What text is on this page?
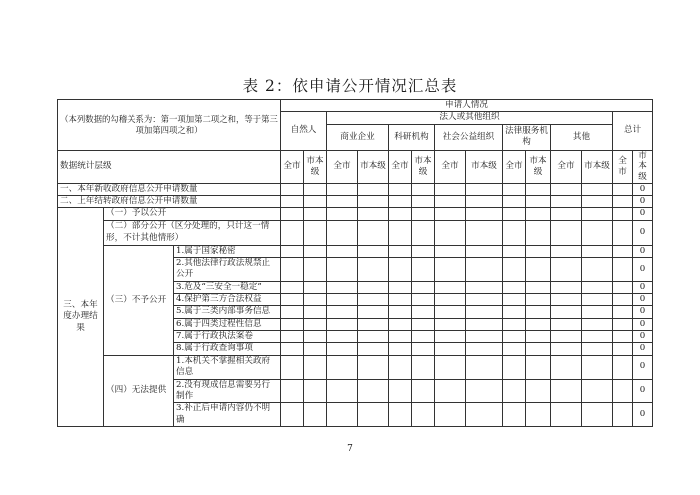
表 2：依申请公开情况汇总表
（本列数据的勾稽关系为：第一项加第二项之和，等于第三项加第四项之和）			申请人情况													
			自然人		法人或其他组织										总计	
					商业企业		科研机构		社会公益组织		法律服务机构		其他			
数据统计层级			全市	市本级	全市	市本级	全市	市本级	全市	市本级	全市	市本级	全市	市本级	全市	市本级
一、本年新收政府信息公开申请数量																0
二、上年结转政府信息公开申请数量																0
三、本年度办理结果	（一）予以公开															0
	（二）部分公开（区分处理的，只计这一情形，不计其他情形）															0
	（三）不予公开	1.属于国家秘密														0
		2.其他法律行政法规禁止公开														0
		3.危及“三安全一稳定”														0
		4.保护第三方合法权益														0
		5.属于三类内部事务信息														0
		6.属于四类过程性信息														0
		7.属于行政执法案卷														0
		8.属于行政查询事项														0
	（四）无法提供	1.本机关不掌握相关政府信息														0
		2.没有现成信息需要另行制作														0
		3.补正后申请内容仍不明确														0
7
